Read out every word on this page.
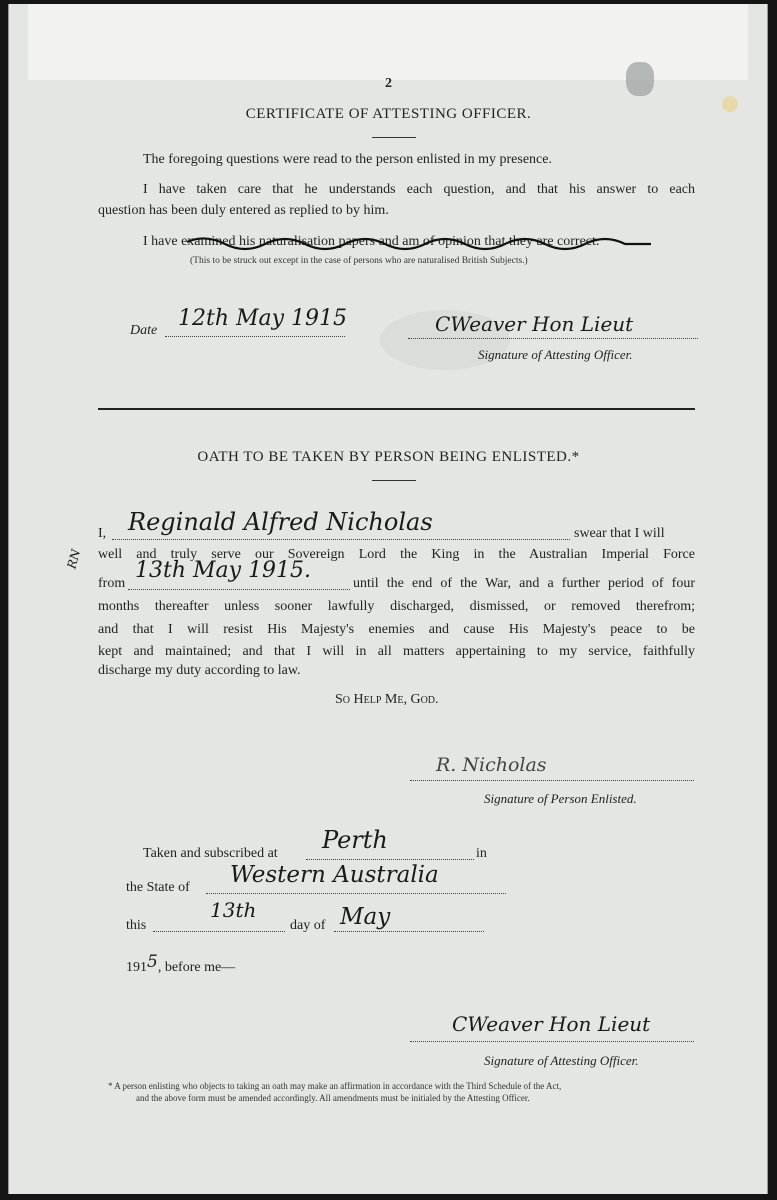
2
CERTIFICATE OF ATTESTING OFFICER.
The foregoing questions were read to the person enlisted in my presence.
I have taken care that he understands each question, and that his answer to each
question has been duly entered as replied to by him.
I have examined his naturalisation papers and am of opinion that they are correct.
(This to be struck out except in the case of persons who are naturalised British Subjects.)
Date 12th May 1915	CWeaver Hon Lieut
Signature of Attesting Officer.
OATH TO BE TAKEN BY PERSON BEING ENLISTED.*
I, Reginald Alfred Nicholas	swear that I will
well and truly serve our Sovereign Lord the King in the Australian Imperial Force
RN
from
13th May 1915.
until the end of the War, and a further period of four
months thereafter unless sooner lawfully discharged, dismissed, or removed therefrom;
and that I will resist His Majesty's enemies and cause His Majesty's peace to be
kept and maintained; and that I will in all matters appertaining to my service, faithfully
discharge my duty according to law.
So Help Me, God.
R. Nicholas
Signature of Person Enlisted.
Taken and subscribed at Perth	in
the State of Western Australia
this
13th
day of May
1915, before me—
CWeaver Hon Lieut
Signature of Attesting Officer.
* A person enlisting who objects to taking an oath may make an affirmation in accordance with the Third Schedule of the Act,
and the above form must be amended accordingly. All amendments must be initialed by the Attesting Officer.
